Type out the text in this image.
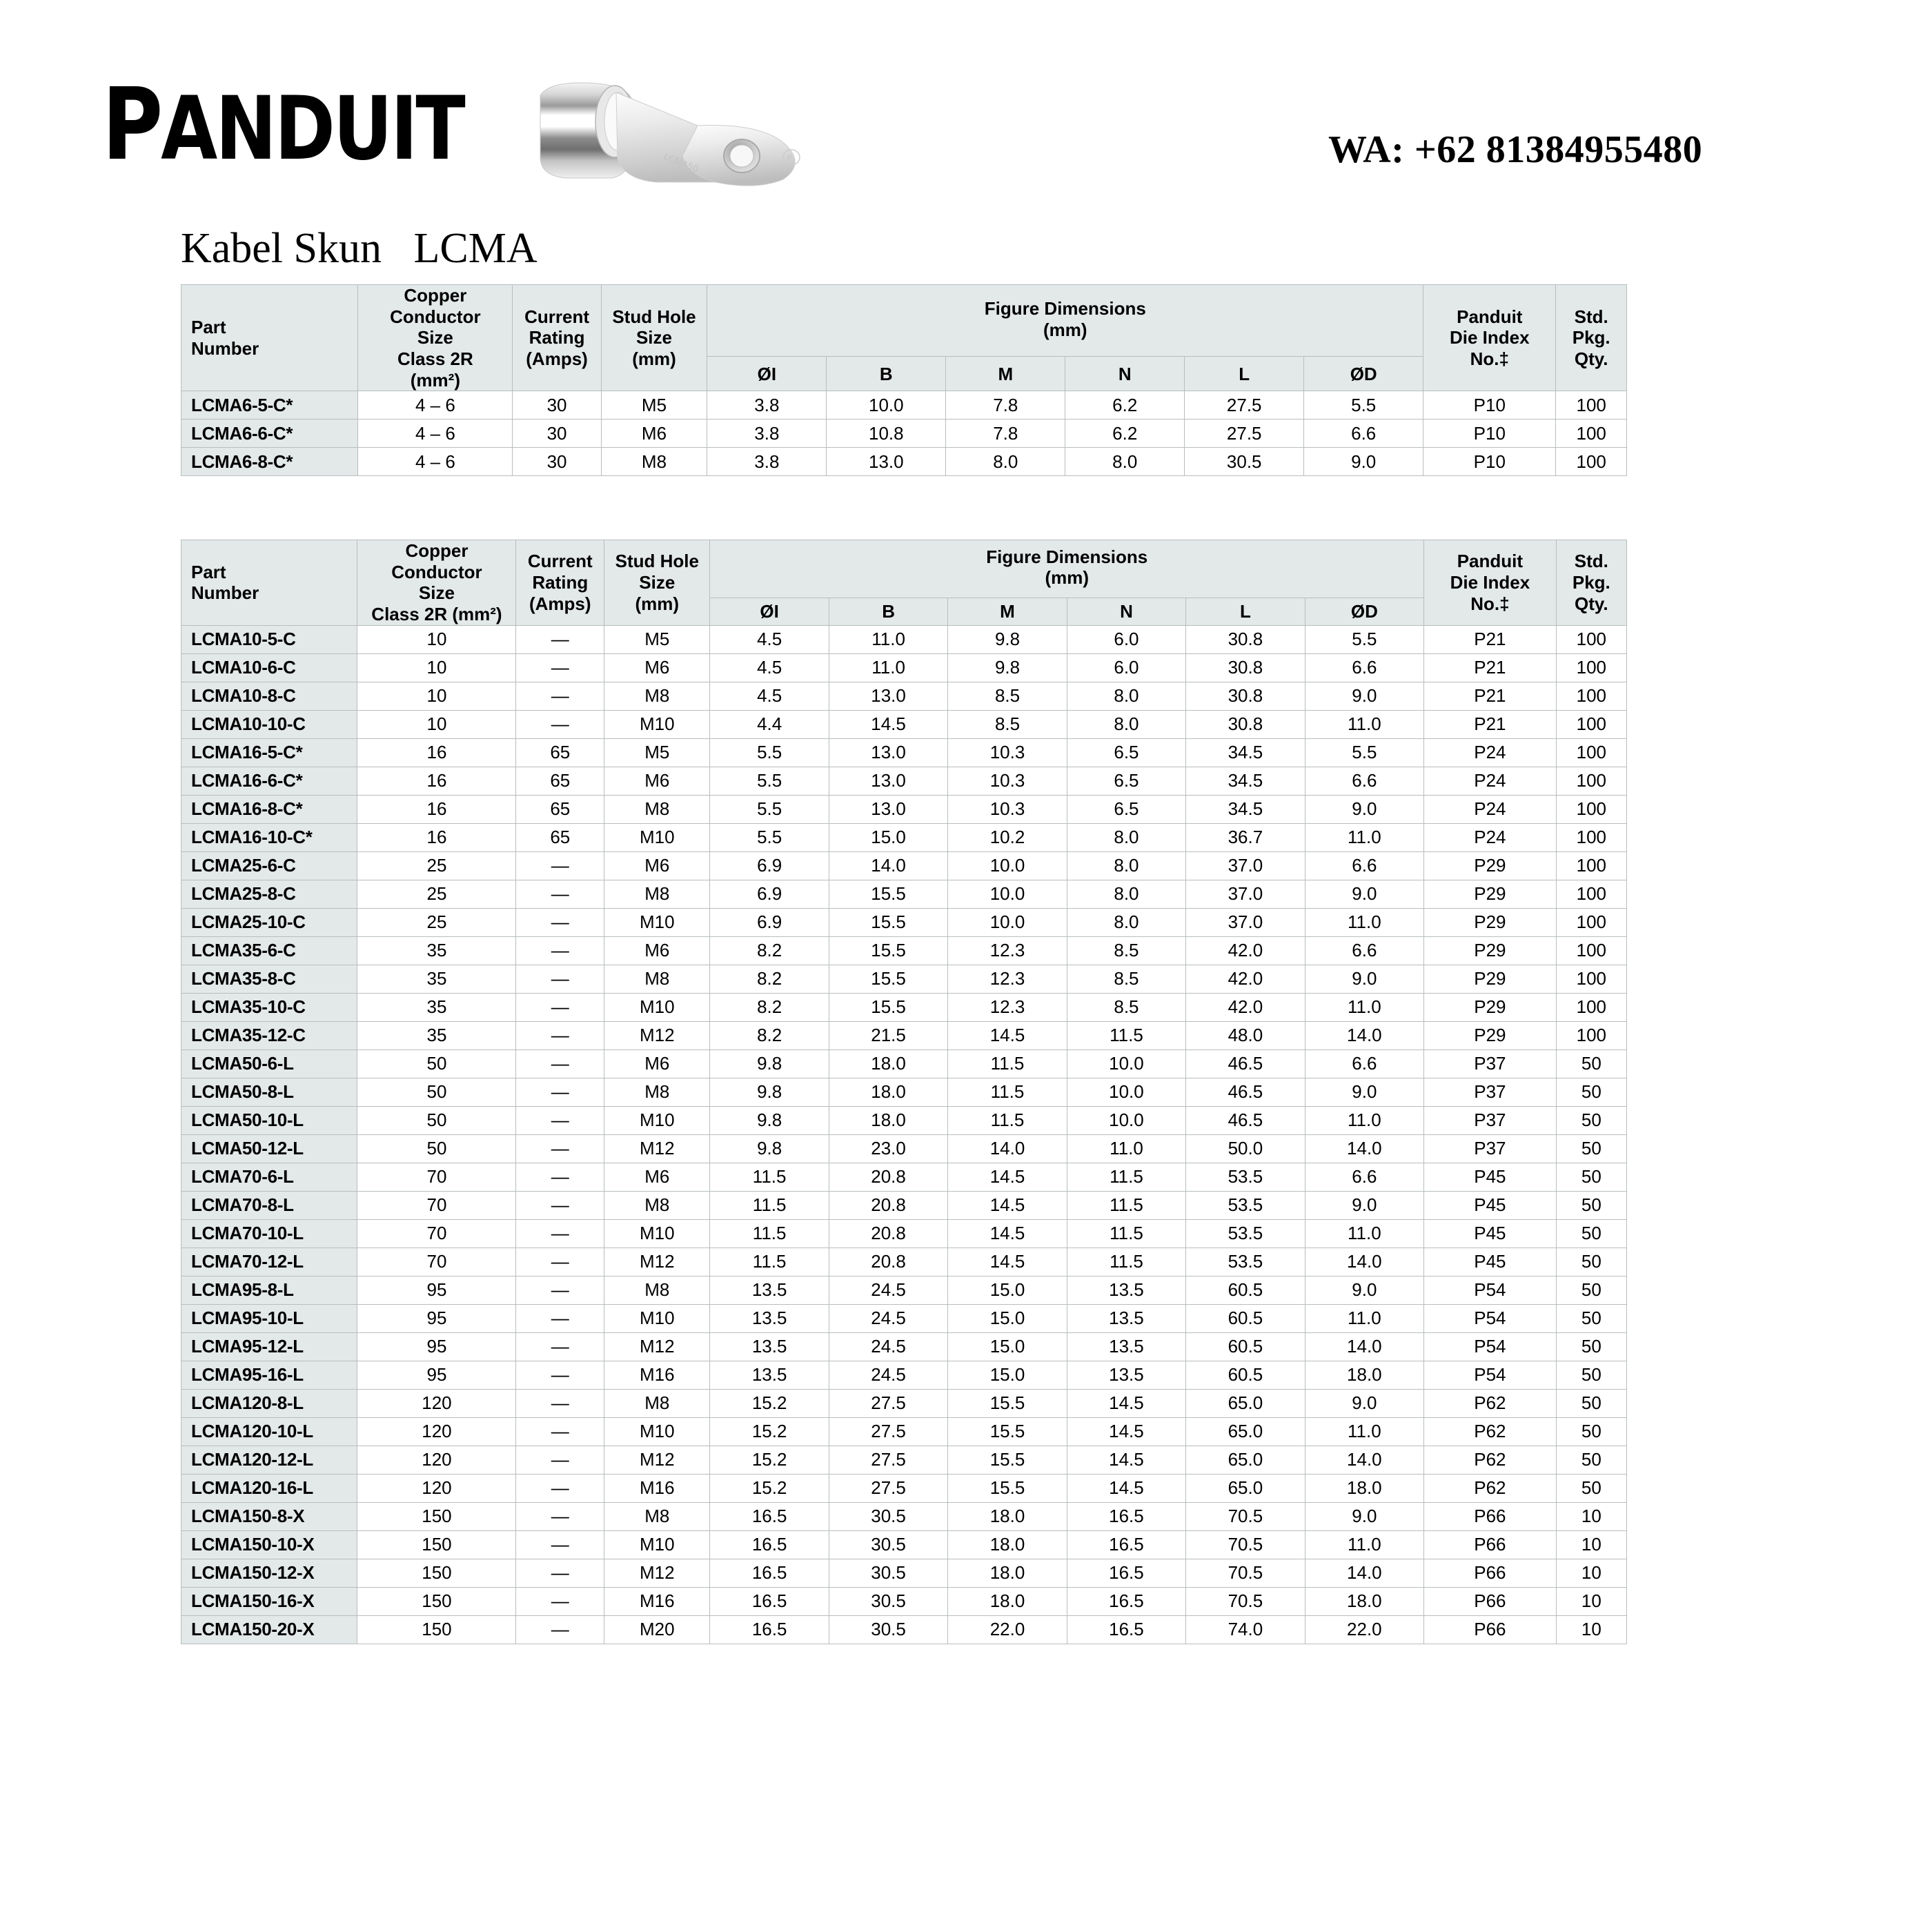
PANDUIT	LCMA50	P	WA: +62 81384955480
Kabel Skun   LCMA
Part
Number	Copper
Conductor
Size
Class 2R
(mm²)	Current
Rating
(Amps)	Stud Hole
Size
(mm)	Figure Dimensions
(mm)						Panduit
Die Index
No.‡	Std.
Pkg.
Qty.
				ØI	B	M	N	L	ØD		
LCMA6-5-C*	4 – 6	30	M5	3.8	10.0	7.8	6.2	27.5	5.5	P10	100
LCMA6-6-C*	4 – 6	30	M6	3.8	10.8	7.8	6.2	27.5	6.6	P10	100
LCMA6-8-C*	4 – 6	30	M8	3.8	13.0	8.0	8.0	30.5	9.0	P10	100
Part
Number	Copper
Conductor
Size
Class 2R (mm²)	Current
Rating
(Amps)	Stud Hole
Size
(mm)	Figure Dimensions
(mm)						Panduit
Die Index
No.‡	Std.
Pkg.
Qty.
				ØI	B	M	N	L	ØD		
LCMA10-5-C	10	—	M5	4.5	11.0	9.8	6.0	30.8	5.5	P21	100
LCMA10-6-C	10	—	M6	4.5	11.0	9.8	6.0	30.8	6.6	P21	100
LCMA10-8-C	10	—	M8	4.5	13.0	8.5	8.0	30.8	9.0	P21	100
LCMA10-10-C	10	—	M10	4.4	14.5	8.5	8.0	30.8	11.0	P21	100
LCMA16-5-C*	16	65	M5	5.5	13.0	10.3	6.5	34.5	5.5	P24	100
LCMA16-6-C*	16	65	M6	5.5	13.0	10.3	6.5	34.5	6.6	P24	100
LCMA16-8-C*	16	65	M8	5.5	13.0	10.3	6.5	34.5	9.0	P24	100
LCMA16-10-C*	16	65	M10	5.5	15.0	10.2	8.0	36.7	11.0	P24	100
LCMA25-6-C	25	—	M6	6.9	14.0	10.0	8.0	37.0	6.6	P29	100
LCMA25-8-C	25	—	M8	6.9	15.5	10.0	8.0	37.0	9.0	P29	100
LCMA25-10-C	25	—	M10	6.9	15.5	10.0	8.0	37.0	11.0	P29	100
LCMA35-6-C	35	—	M6	8.2	15.5	12.3	8.5	42.0	6.6	P29	100
LCMA35-8-C	35	—	M8	8.2	15.5	12.3	8.5	42.0	9.0	P29	100
LCMA35-10-C	35	—	M10	8.2	15.5	12.3	8.5	42.0	11.0	P29	100
LCMA35-12-C	35	—	M12	8.2	21.5	14.5	11.5	48.0	14.0	P29	100
LCMA50-6-L	50	—	M6	9.8	18.0	11.5	10.0	46.5	6.6	P37	50
LCMA50-8-L	50	—	M8	9.8	18.0	11.5	10.0	46.5	9.0	P37	50
LCMA50-10-L	50	—	M10	9.8	18.0	11.5	10.0	46.5	11.0	P37	50
LCMA50-12-L	50	—	M12	9.8	23.0	14.0	11.0	50.0	14.0	P37	50
LCMA70-6-L	70	—	M6	11.5	20.8	14.5	11.5	53.5	6.6	P45	50
LCMA70-8-L	70	—	M8	11.5	20.8	14.5	11.5	53.5	9.0	P45	50
LCMA70-10-L	70	—	M10	11.5	20.8	14.5	11.5	53.5	11.0	P45	50
LCMA70-12-L	70	—	M12	11.5	20.8	14.5	11.5	53.5	14.0	P45	50
LCMA95-8-L	95	—	M8	13.5	24.5	15.0	13.5	60.5	9.0	P54	50
LCMA95-10-L	95	—	M10	13.5	24.5	15.0	13.5	60.5	11.0	P54	50
LCMA95-12-L	95	—	M12	13.5	24.5	15.0	13.5	60.5	14.0	P54	50
LCMA95-16-L	95	—	M16	13.5	24.5	15.0	13.5	60.5	18.0	P54	50
LCMA120-8-L	120	—	M8	15.2	27.5	15.5	14.5	65.0	9.0	P62	50
LCMA120-10-L	120	—	M10	15.2	27.5	15.5	14.5	65.0	11.0	P62	50
LCMA120-12-L	120	—	M12	15.2	27.5	15.5	14.5	65.0	14.0	P62	50
LCMA120-16-L	120	—	M16	15.2	27.5	15.5	14.5	65.0	18.0	P62	50
LCMA150-8-X	150	—	M8	16.5	30.5	18.0	16.5	70.5	9.0	P66	10
LCMA150-10-X	150	—	M10	16.5	30.5	18.0	16.5	70.5	11.0	P66	10
LCMA150-12-X	150	—	M12	16.5	30.5	18.0	16.5	70.5	14.0	P66	10
LCMA150-16-X	150	—	M16	16.5	30.5	18.0	16.5	70.5	18.0	P66	10
LCMA150-20-X	150	—	M20	16.5	30.5	22.0	16.5	74.0	22.0	P66	10
